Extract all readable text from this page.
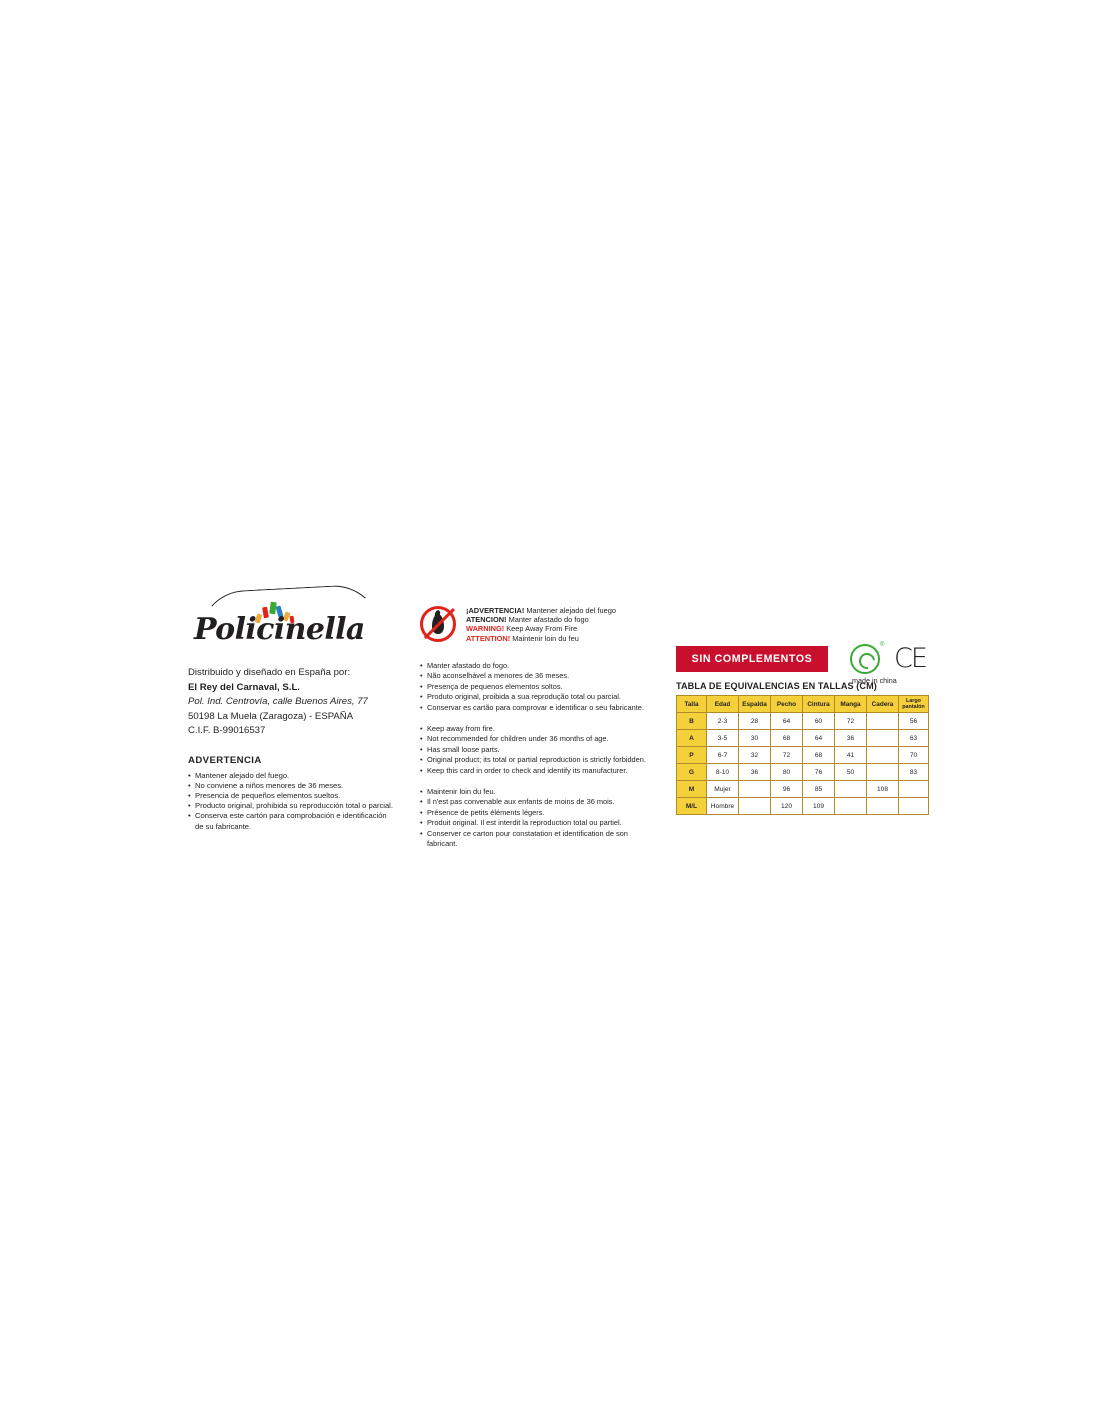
Policinella
Distribuido y diseñado en España por:
El Rey del Carnaval, S.L.
Pol. Ind. Centrovía, calle Buenos Aires, 77
50198 La Muela (Zaragoza) - ESPAÑA
C.I.F. B-99016537
ADVERTENCIA
• Mantener alejado del fuego.
• No conviene a niños menores de 36 meses.
• Presencia de pequeños elementos sueltos.
• Producto original, prohibida su reproducción total o parcial.
• Conserva este cartón para comprobación e identificación
de su fabricante.
¡ADVERTENCIA! Mantener alejado del fuego
ATENCION! Manter afastado do fogo
WARNING! Keep Away From Fire
ATTENTION! Maintenir loin du feu
• Manter afastado do fogo.
• Não aconselhável a menores de 36 meses.
• Presença de pequenos elementos soltos.
• Produto original, proibida a sua reprodução total ou parcial.
• Conservar es cartão para comprovar e identificar o seu fabricante.
• Keep away from fire.
• Not recommended for children under 36 months of age.
• Has small loose parts.
• Original product; its total or partial reproduction is strictly forbidden.
• Keep this card in order to check and identify its manufacturer.
• Maintenir loin du feu.
• Il n'est pas convenable aux enfants de moins de 36 mois.
• Présence de petits éléments légers.
• Produit original. Il est interdit la reproduction total ou partiel.
• Conserver ce carton pour constatation et identification de son
fabricant.
SIN COMPLEMENTOS
® CE
made in china
TABLA DE EQUIVALENCIAS EN TALLAS (CM)
Talla	Edad	Espalda	Pecho	Cintura	Manga	Cadera	Largo pantalón
B	2-3	28	64	60	72		56
A	3-5	30	68	64	36		63
P	6-7	32	72	68	41		70
G	8-10	36	80	76	50		83
M	Mujer		96	85		108	
M/L	Hombre		120	109			
